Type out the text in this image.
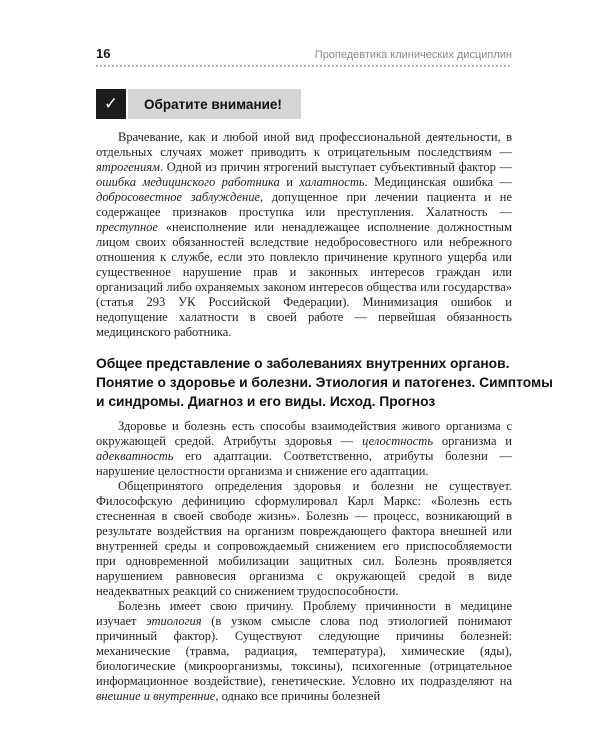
16	Пропедевтика клинических дисциплин
✓	Обратите внимание!

Врачевание, как и любой иной вид профессиональной деятельности, в отдельных случаях может приводить к отрицательным последствиям — ятрогениям. Одной из причин ятрогений выступает субъективный фактор — ошибка медицинского работника и халатность. Медицинская ошибка — добросовестное заблуждение, допущенное при лечении пациента и не содержащее признаков проступка или преступления. Халатность — преступное «неисполнение или ненадлежащее исполнение должностным лицом своих обязанностей вследствие недобросовестного или небрежного отношения к службе, если это повлекло причинение крупного ущерба или существенное нарушение прав и законных интересов граждан или организаций либо охраняемых законом интересов общества или государства» (статья 293 УК Российской Федерации). Минимизация ошибок и недопущение халатности в своей работе — первейшая обязанность медицинского работника.

Общее представление о заболеваниях внутренних органов.
Понятие о здоровье и болезни. Этиология и патогенез. Симптомы
и синдромы. Диагноз и его виды. Исход. Прогноз

Здоровье и болезнь есть способы взаимодействия живого организма с окружающей средой. Атрибуты здоровья — целостность организма и адекватность его адаптации. Соответственно, атрибуты болезни — нарушение целостности организма и снижение его адаптации.

Общепринятого определения здоровья и болезни не существует. Философскую дефиницию сформулировал Карл Маркс: «Болезнь есть стесненная в своей свободе жизнь». Болезнь — процесс, возникающий в результате воздействия на организм повреждающего фактора внешней или внутренней среды и сопровождаемый снижением его приспособляемости при одновременной мобилизации защитных сил. Болезнь проявляется нарушением равновесия организма с окружающей средой в виде неадекватных реакций со снижением трудоспособности.

Болезнь имеет свою причину. Проблему причинности в медицине изучает этиология (в узком смысле слова под этиологией понимают причинный фактор). Существуют следующие причины болезней: механические (травма, радиация, температура), химические (яды), биологические (микроорганизмы, токсины), психогенные (отрицательное информационное воздействие), генетические. Условно их подразделяют на внешние и внутренние, однако все причины болезней
